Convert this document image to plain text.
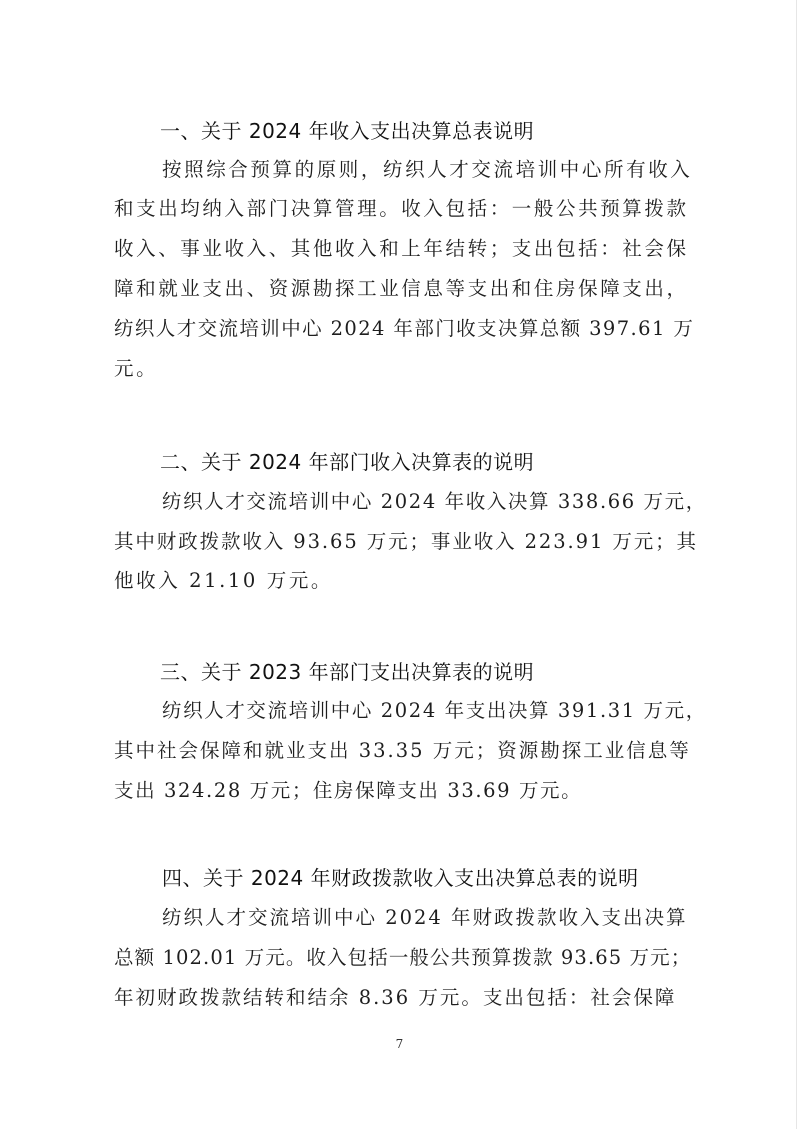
一、关于 2024 年收入支出决算总表说明
按照综合预算的原则，纺织人才交流培训中心所有收入
和支出均纳入部门决算管理。收入包括：一般公共预算拨款
收入、事业收入、其他收入和上年结转；支出包括：社会保
障和就业支出、资源勘探工业信息等支出和住房保障支出，
纺织人才交流培训中心 2024 年部门收支决算总额 397.61 万
元。
二、关于 2024 年部门收入决算表的说明
纺织人才交流培训中心 2024 年收入决算 338.66 万元，
其中财政拨款收入 93.65 万元；事业收入 223.91 万元；其
他收入 21.10 万元。
三、关于 2023 年部门支出决算表的说明
纺织人才交流培训中心 2024 年支出决算 391.31 万元，
其中社会保障和就业支出 33.35 万元；资源勘探工业信息等
支出 324.28 万元；住房保障支出 33.69 万元。
四、关于 2024 年财政拨款收入支出决算总表的说明
纺织人才交流培训中心 2024 年财政拨款收入支出决算
总额 102.01 万元。收入包括一般公共预算拨款 93.65 万元；
年初财政拨款结转和结余 8.36 万元。支出包括：社会保障
7
